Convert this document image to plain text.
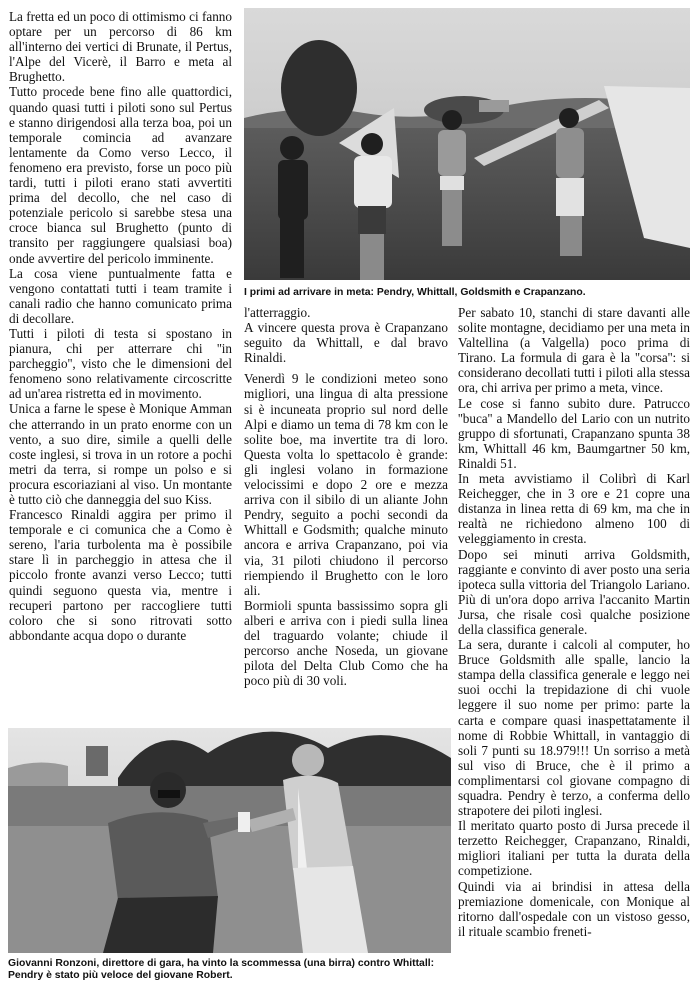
La fretta ed un poco di ottimismo ci fanno optare per un percorso di 86 km all'interno dei vertici di Brunate, il Pertus, l'Alpe del Vicerè, il Barro e meta al Brughetto.

Tutto procede bene fino alle quattordici, quando quasi tutti i piloti sono sul Pertus e stanno dirigendosi alla terza boa, poi un temporale comincia ad avanzare lentamente da Como verso Lecco, il fenomeno era previsto, forse un poco più tardi, tutti i piloti erano stati avvertiti prima del decollo, che nel caso di potenziale pericolo si sarebbe stesa una croce bianca sul Brughetto (punto di transito per raggiungere qualsiasi boa) onde avvertire del pericolo imminente.

La cosa viene puntualmente fatta e vengono contattati tutti i team tramite i canali radio che hanno comunicato prima di decollare.

Tutti i piloti di testa si spostano in pianura, chi per atterrare chi ''in parcheggio'', visto che le dimensioni del fenomeno sono relativamente circoscritte ad un'area ristretta ed in movimento.

Unica a farne le spese è Monique Amman che atterrando in un prato enorme con un vento, a suo dire, simile a quelli delle coste inglesi, si trova in un rotore a pochi metri da terra, si rompe un polso e si procura escoriaziani al viso. Un montante è tutto ciò che danneggia del suo Kiss.

Francesco Rinaldi aggira per primo il temporale e ci comunica che a Como è sereno, l'aria turbolenta ma è possibile stare lì in parcheggio in attesa che il piccolo fronte avanzi verso Lecco; tutti quindi seguono questa via, mentre i recuperi partono per raccogliere tutti coloro che si sono ritrovati sotto abbondante acqua dopo o durante

I primi ad arrivare in meta: Pendry, Whittall, Goldsmith e Crapanzano.

l'atterraggio.

A vincere questa prova è Crapanzano seguito da Whittall, e dal bravo Rinaldi.

Venerdì 9 le condizioni meteo sono migliori, una lingua di alta pressione si è incuneata proprio sul nord delle Alpi e diamo un tema di 78 km con le solite boe, ma invertite tra di loro. Questa volta lo spettacolo è grande: gli inglesi volano in formazione velocissimi e dopo 2 ore e mezza arriva con il sibilo di un aliante John Pendry, seguito a pochi secondi da Whittall e Godsmith; qualche minuto ancora e arriva Crapanzano, poi via via, 31 piloti chiudono il percorso riempiendo il Brughetto con le loro ali.

Bormioli spunta bassissimo sopra gli alberi e arriva con i piedi sulla linea del traguardo volante; chiude il percorso anche Noseda, un giovane pilota del Delta Club Como che ha poco più di 30 voli.

Per sabato 10, stanchi di stare davanti alle solite montagne, decidiamo per una meta in Valtellina (a Valgella) poco prima di Tirano. La formula di gara è la ''corsa'': si considerano decollati tutti i piloti alla stessa ora, chi arriva per primo a meta, vince.

Le cose si fanno subito dure. Patrucco ''buca'' a Mandello del Lario con un nutrito gruppo di sfortunati, Crapanzano spunta 38 km, Whittall 46 km, Baumgartner 50 km, Rinaldi 51.

In meta avvistiamo il Colibrì di Karl Reichegger, che in 3 ore e 21 copre una distanza in linea retta di 69 km, ma che in realtà ne richiedono almeno 100 di veleggiamento in cresta.

Dopo sei minuti arriva Goldsmith, raggiante e convinto di aver posto una seria ipoteca sulla vittoria del Triangolo Lariano. Più di un'ora dopo arriva l'accanito Martin Jursa, che risale così qualche posizione della classifica generale.

La sera, durante i calcoli al computer, ho Bruce Goldsmith alle spalle, lancio la stampa della classifica generale e leggo nei suoi occhi la trepidazione di chi vuole leggere il suo nome per primo: parte la carta e compare quasi inaspettatamente il nome di Robbie Whittall, in vantaggio di soli 7 punti su 18.979!!! Un sorriso a metà sul viso di Bruce, che è il primo a complimentarsi col giovane compagno di squadra. Pendry è terzo, a conferma dello strapotere dei piloti inglesi.

Il meritato quarto posto di Jursa precede il terzetto Reichegger, Crapanzano, Rinaldi, migliori italiani per tutta la durata della competizione.

Quindi via ai brindisi in attesa della premiazione domenicale, con Monique al ritorno dall'ospedale con un vistoso gesso, il rituale scambio freneti-

Giovanni Ronzoni, direttore di gara, ha vinto la scommessa (una birra) contro Whittall: Pendry è stato più veloce del giovane Robert.
